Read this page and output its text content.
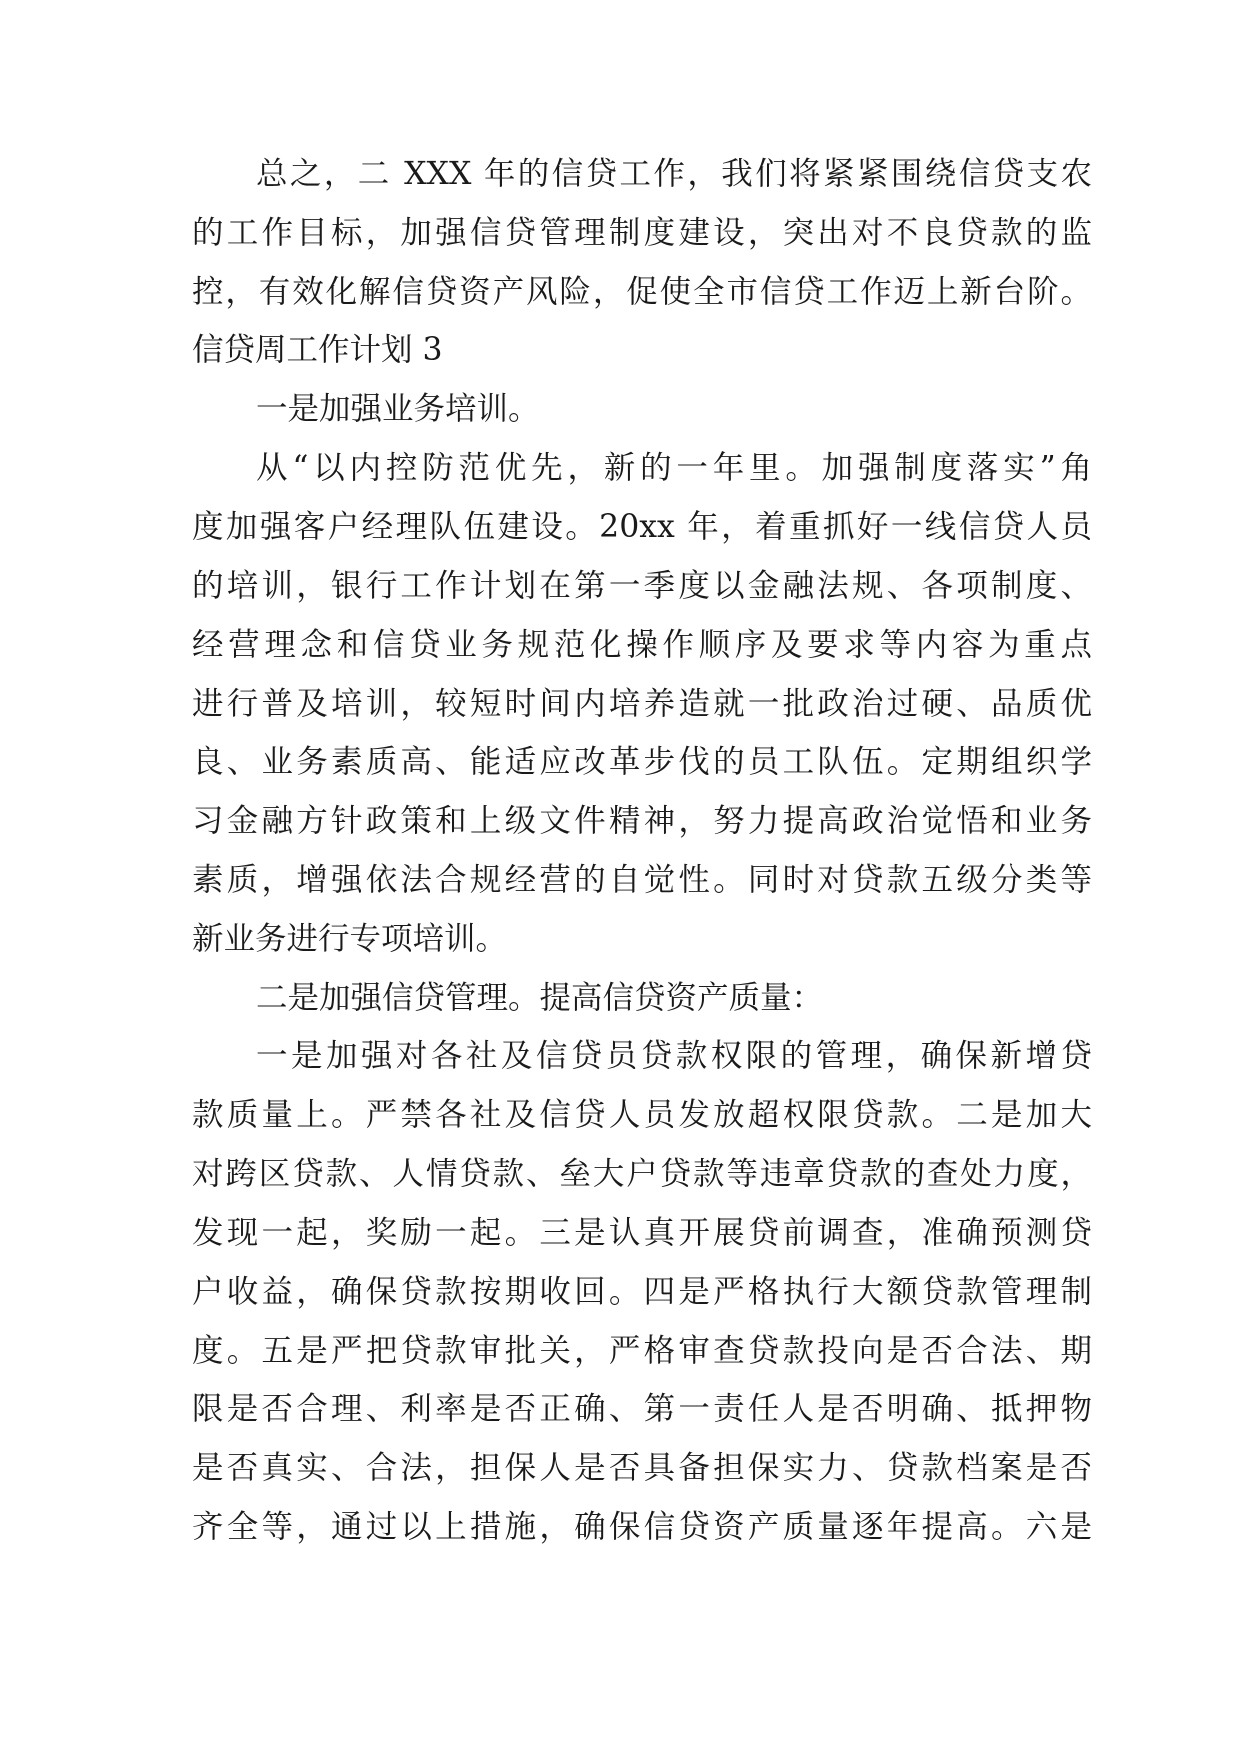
总之，二 XXX 年的信贷工作，我们将紧紧围绕信贷支农
的工作目标，加强信贷管理制度建设，突出对不良贷款的监
控，有效化解信贷资产风险，促使全市信贷工作迈上新台阶。
信贷周工作计划 3
一是加强业务培训。
从“以内控防范优先，新的一年里。加强制度落实”角
度加强客户经理队伍建设。20xx 年，着重抓好一线信贷人员
的培训，银行工作计划在第一季度以金融法规、各项制度、
经营理念和信贷业务规范化操作顺序及要求等内容为重点
进行普及培训，较短时间内培养造就一批政治过硬、品质优
良、业务素质高、能适应改革步伐的员工队伍。定期组织学
习金融方针政策和上级文件精神，努力提高政治觉悟和业务
素质，增强依法合规经营的自觉性。同时对贷款五级分类等
新业务进行专项培训。
二是加强信贷管理。提高信贷资产质量：
一是加强对各社及信贷员贷款权限的管理，确保新增贷
款质量上。严禁各社及信贷人员发放超权限贷款。二是加大
对跨区贷款、人情贷款、垒大户贷款等违章贷款的查处力度，
发现一起，奖励一起。三是认真开展贷前调查，准确预测贷
户收益，确保贷款按期收回。四是严格执行大额贷款管理制
度。五是严把贷款审批关，严格审查贷款投向是否合法、期
限是否合理、利率是否正确、第一责任人是否明确、抵押物
是否真实、合法，担保人是否具备担保实力、贷款档案是否
齐全等，通过以上措施，确保信贷资产质量逐年提高。六是
